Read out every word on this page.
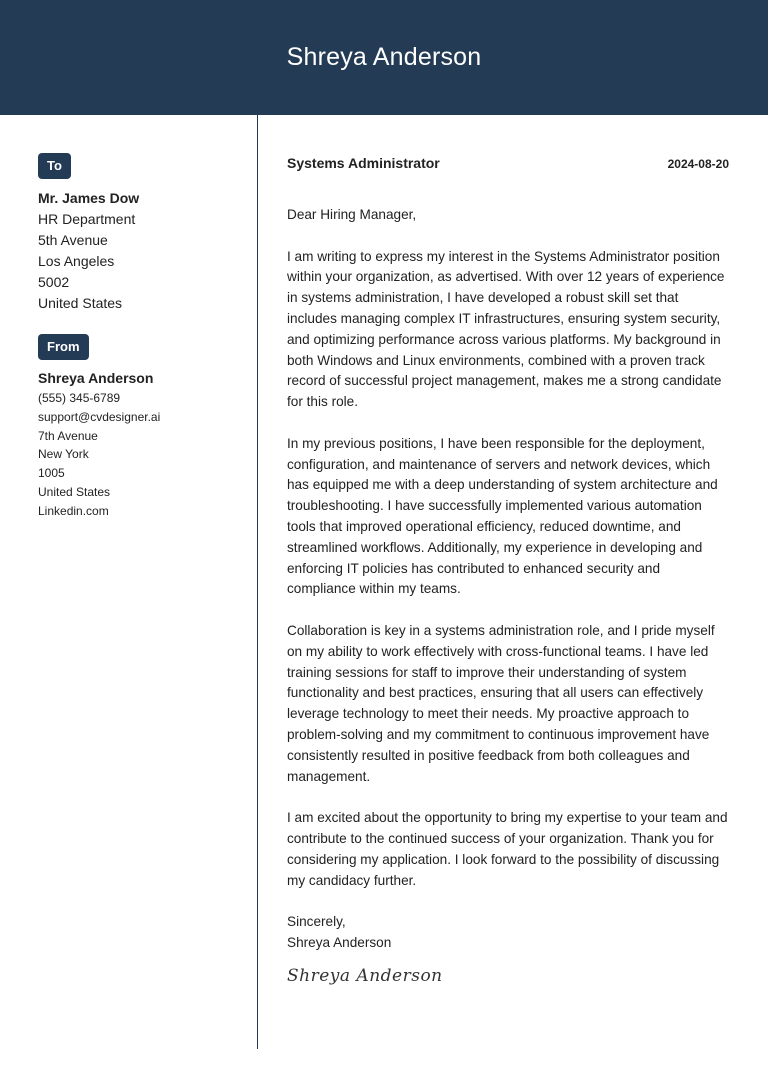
Shreya Anderson
To
Mr. James Dow
HR Department
5th Avenue
Los Angeles
5002
United States
From
Shreya Anderson
(555) 345-6789
support@cvdesigner.ai
7th Avenue
New York
1005
United States
Linkedin.com
Systems Administrator	2024-08-20
Dear Hiring Manager,

I am writing to express my interest in the Systems Administrator position within your organization, as advertised. With over 12 years of experience in systems administration, I have developed a robust skill set that includes managing complex IT infrastructures, ensuring system security, and optimizing performance across various platforms. My background in both Windows and Linux environments, combined with a proven track record of successful project management, makes me a strong candidate for this role.

In my previous positions, I have been responsible for the deployment, configuration, and maintenance of servers and network devices, which has equipped me with a deep understanding of system architecture and troubleshooting. I have successfully implemented various automation tools that improved operational efficiency, reduced downtime, and streamlined workflows. Additionally, my experience in developing and enforcing IT policies has contributed to enhanced security and compliance within my teams.

Collaboration is key in a systems administration role, and I pride myself on my ability to work effectively with cross-functional teams. I have led training sessions for staff to improve their understanding of system functionality and best practices, ensuring that all users can effectively leverage technology to meet their needs. My proactive approach to problem-solving and my commitment to continuous improvement have consistently resulted in positive feedback from both colleagues and management.

I am excited about the opportunity to bring my expertise to your team and contribute to the continued success of your organization. Thank you for considering my application. I look forward to the possibility of discussing my candidacy further.

Sincerely,
Shreya Anderson
Shreya Anderson
